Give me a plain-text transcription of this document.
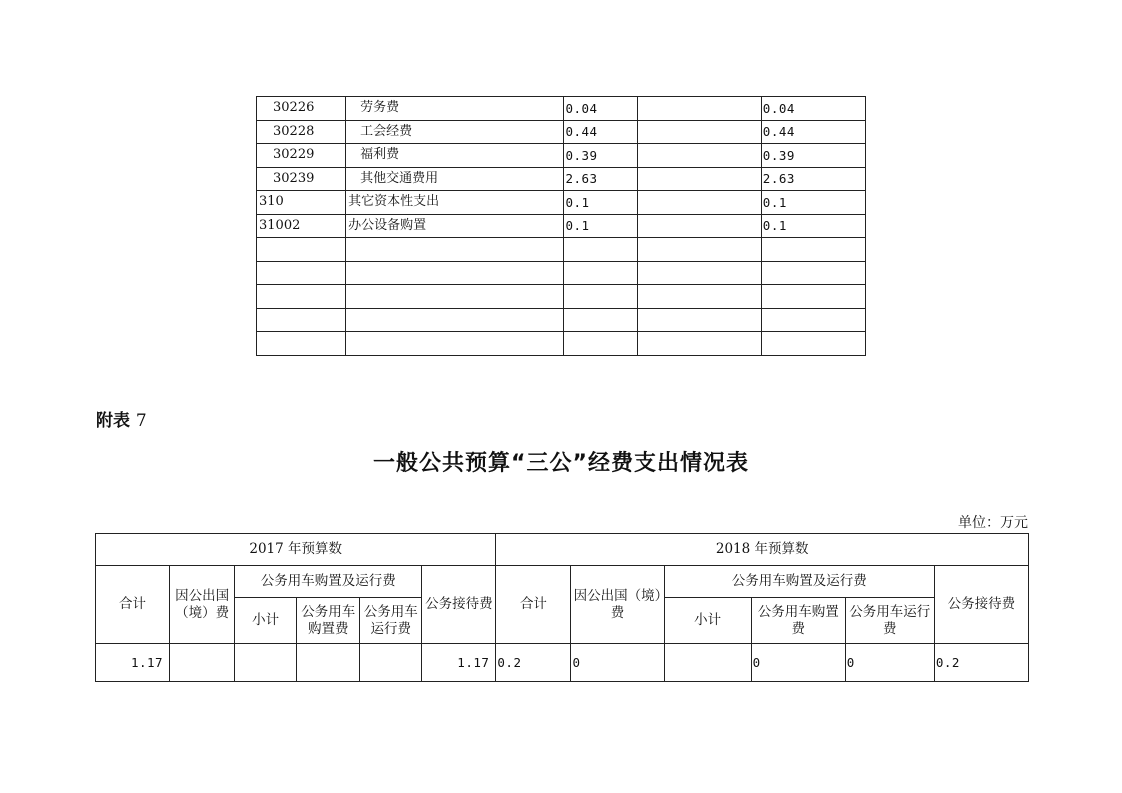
30226	劳务费	0.04		0.04
30228	工会经费	0.44		0.44
30229	福利费	0.39		0.39
30239	其他交通费用	2.63		2.63
310	其它资本性支出	0.1		0.1
31002	办公设备购置	0.1		0.1

附表 7
一般公共预算“三公”经费支出情况表
单位：万元
2017 年预算数						2018 年预算数					
合计	因公出国（境）费	公务用车购置及运行费			公务接待费	合计	因公出国（境）费	公务用车购置及运行费			公务接待费
		小计	公务用车购置费	公务用车运行费				小计	公务用车购置费	公务用车运行费	
1.17					1.17	0.2	0		0	0	0.2
